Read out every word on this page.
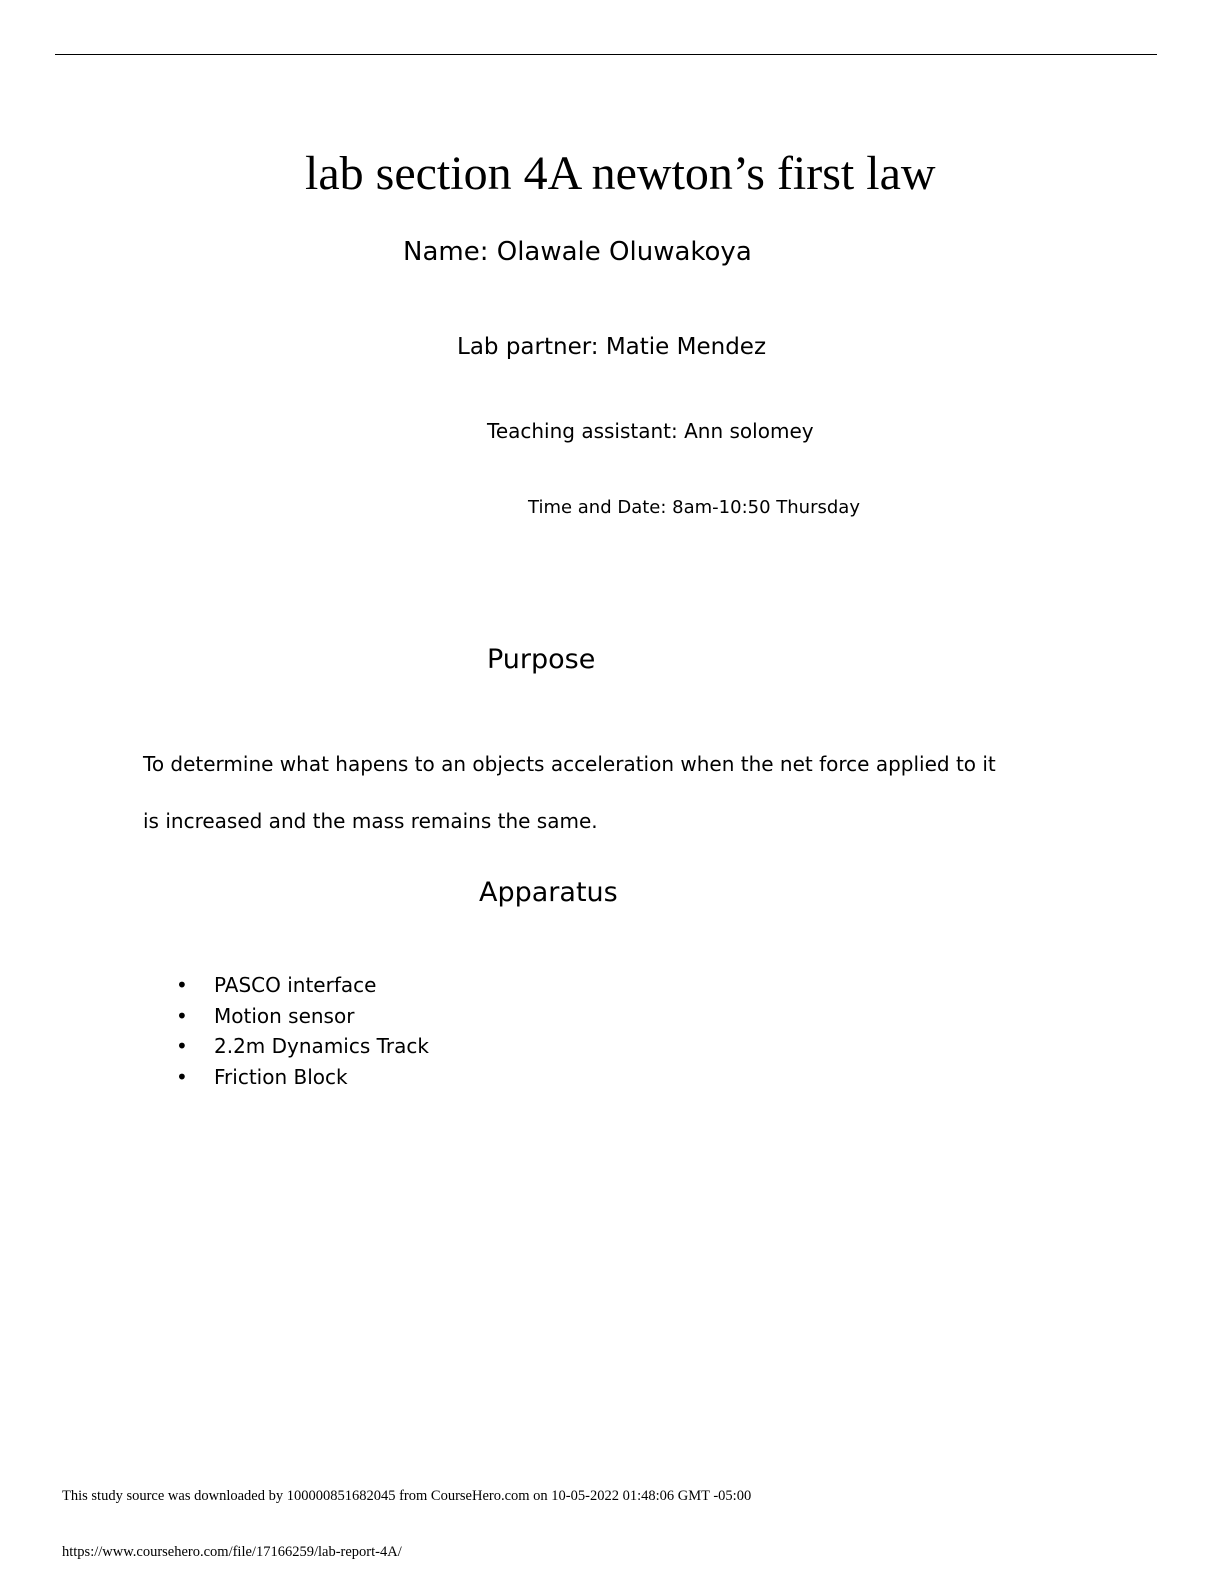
lab section 4A newton’s first law

Name: Olawale Oluwakoya

Lab partner: Matie Mendez

Teaching assistant: Ann solomey

Time and Date: 8am-10:50 Thursday

Purpose

To determine what hapens to an objects acceleration when the net force applied to it is increased and the mass remains the same.

Apparatus
• PASCO interface
• Motion sensor
• 2.2m Dynamics Track
• Friction Block

This study source was downloaded by 100000851682045 from CourseHero.com on 10-05-2022 01:48:06 GMT -05:00

https://www.coursehero.com/file/17166259/lab-report-4A/
